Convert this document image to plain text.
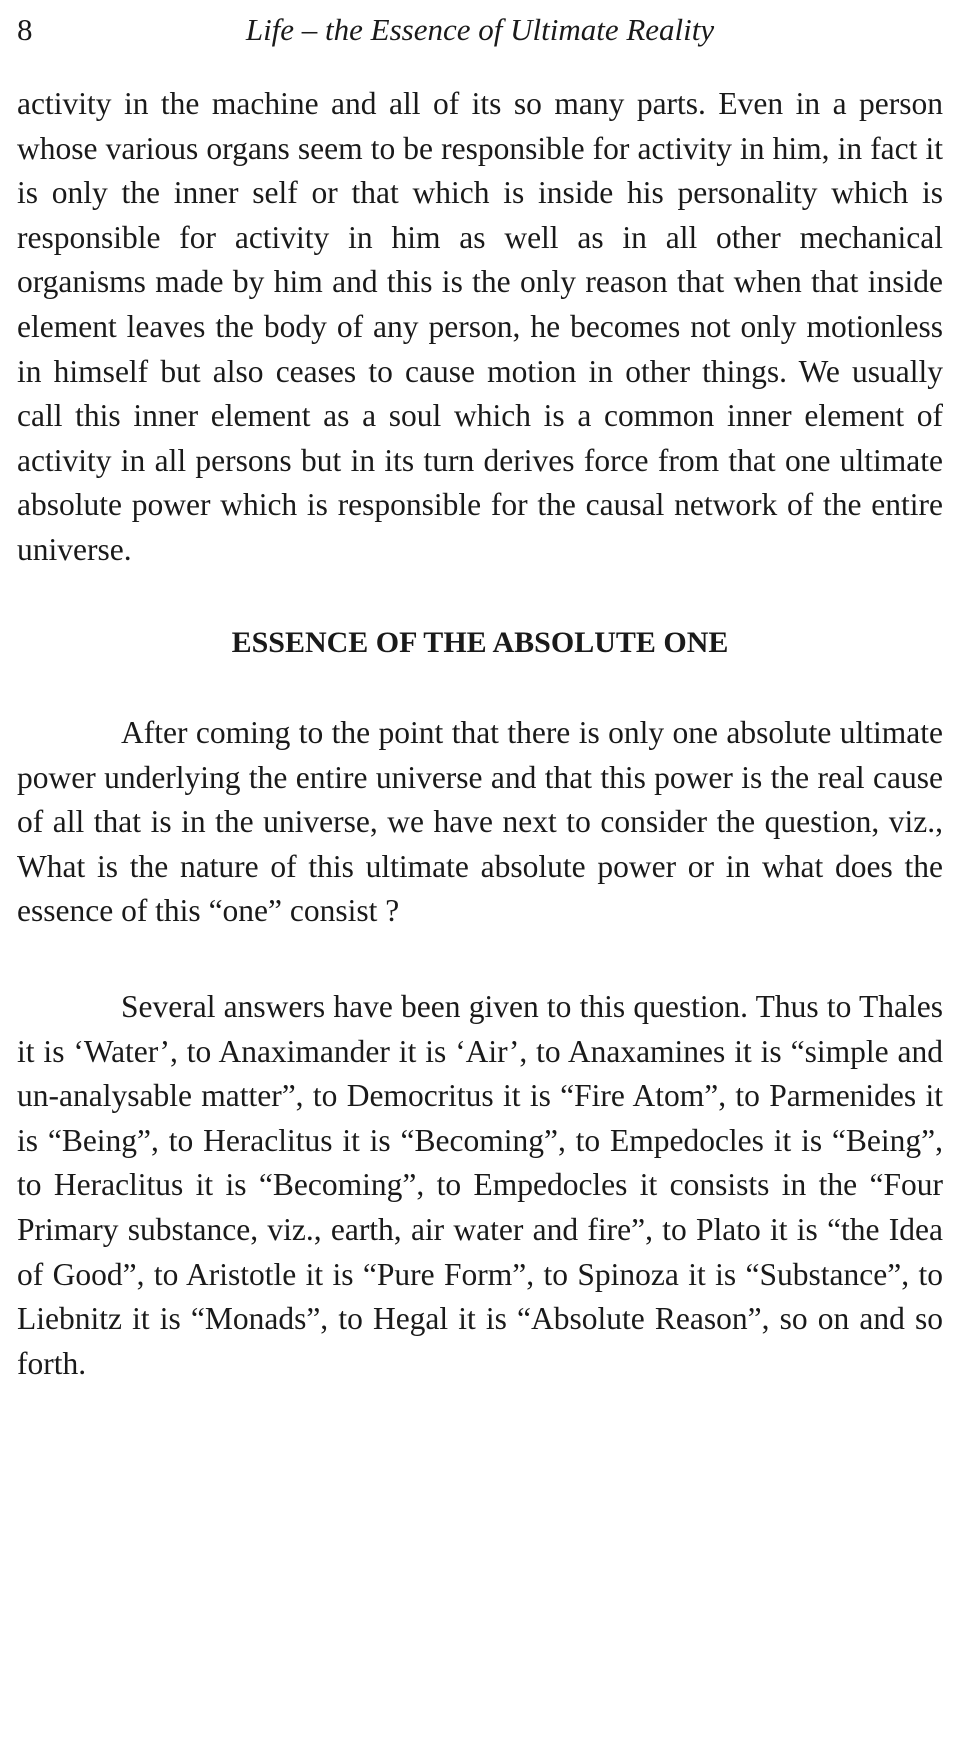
8	Life – the Essence of Ultimate Reality

activity in the machine and all of its so many parts. Even in a person whose various organs seem to be responsible for activity in him, in fact it is only the inner self or that which is inside his personality which is responsible for activity in him as well as in all other mechanical organisms made by him and this is the only reason that when that inside element leaves the body of any person, he becomes not only motionless in himself but also ceases to cause motion in other things. We usually call this inner element as a soul which is a common inner element of activity in all persons but in its turn derives force from that one ultimate absolute power which is responsible for the causal network of the entire universe.

ESSENCE OF THE ABSOLUTE ONE

After coming to the point that there is only one absolute ultimate power underlying the entire universe and that this power is the real cause of all that is in the universe, we have next to consider the question, viz., What is the nature of this ultimate absolute power or in what does the essence of this “one” consist ?

Several answers have been given to this question. Thus to Thales it is ‘Water’, to Anaximander it is ‘Air’, to Anaxamines it is “simple and un-analysable matter”, to Democritus it is “Fire Atom”, to Parmenides it is “Being”, to Heraclitus it is “Becoming”, to Empedocles it is “Being”, to Heraclitus it is “Becoming”, to Empedocles it consists in the “Four Primary substance, viz., earth, air water and fire”, to Plato it is “the Idea of Good”, to Aristotle it is “Pure Form”, to Spinoza it is “Substance”, to Liebnitz it is “Monads”, to Hegal it is “Absolute Reason”, so on and so forth.
